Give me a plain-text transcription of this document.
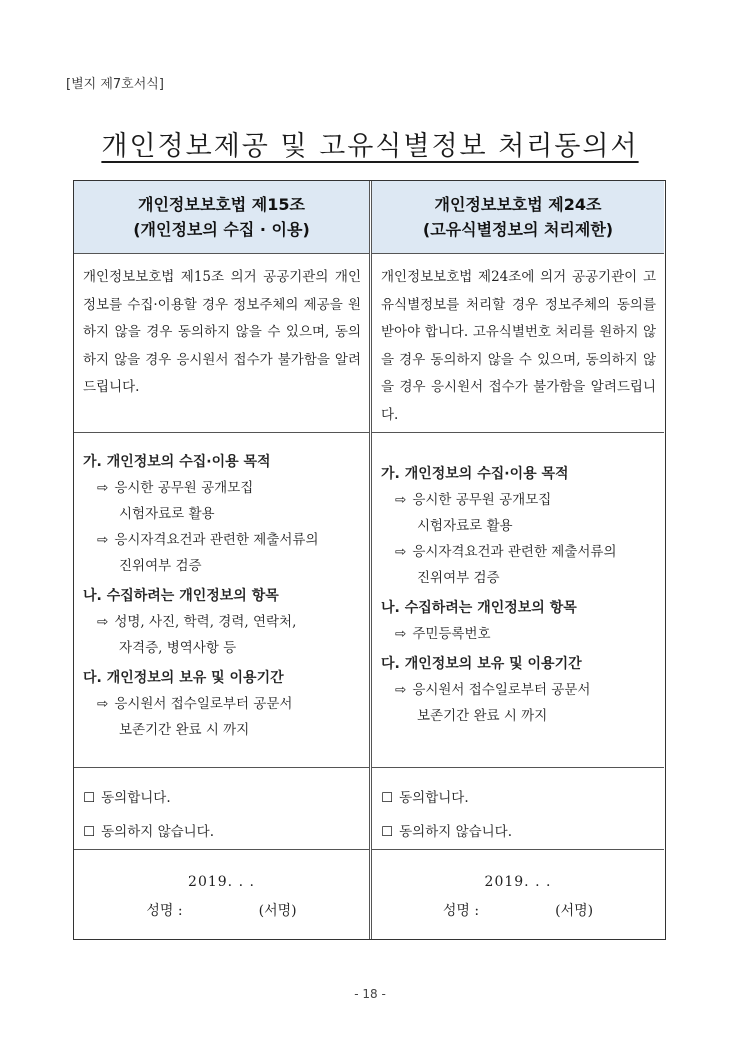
[별지 제7호서식]
개인정보제공 및 고유식별정보 처리동의서
개인정보보호법 제15조
(개인정보의 수집 · 이용)
개인정보보호법 제15조 의거 공공기관의 개인정보를 수집·이용할 경우 정보주체의 제공을 원하지 않을 경우 동의하지 않을 수 있으며, 동의하지 않을 경우 응시원서 접수가 불가함을 알려드립니다.
가. 개인정보의 수집·이용 목적
⇨ 응시한 공무원 공개모집
시험자료로 활용
⇨ 응시자격요건과 관련한 제출서류의
진위여부 검증
나. 수집하려는 개인정보의 항목
⇨ 성명, 사진, 학력, 경력, 연락처,
자격증, 병역사항 등
다. 개인정보의 보유 및 이용기간
⇨ 응시원서 접수일로부터 공문서
보존기간 완료 시 까지
☐ 동의합니다.
☐ 동의하지 않습니다.
2019. . .
성명 :	(서명)
개인정보보호법 제24조
(고유식별정보의 처리제한)
개인정보보호법 제24조에 의거 공공기관이 고유식별정보를 처리할 경우 정보주체의 동의를 받아야 합니다. 고유식별번호 처리를 원하지 않을 경우 동의하지 않을 수 있으며, 동의하지 않을 경우 응시원서 접수가 불가함을 알려드립니다.
가. 개인정보의 수집·이용 목적
⇨ 응시한 공무원 공개모집
시험자료로 활용
⇨ 응시자격요건과 관련한 제출서류의
진위여부 검증
나. 수집하려는 개인정보의 항목
⇨ 주민등록번호
다. 개인정보의 보유 및 이용기간
⇨ 응시원서 접수일로부터 공문서
보존기간 완료 시 까지
☐ 동의합니다.
☐ 동의하지 않습니다.
2019. . .
성명 :	(서명)
- 18 -
